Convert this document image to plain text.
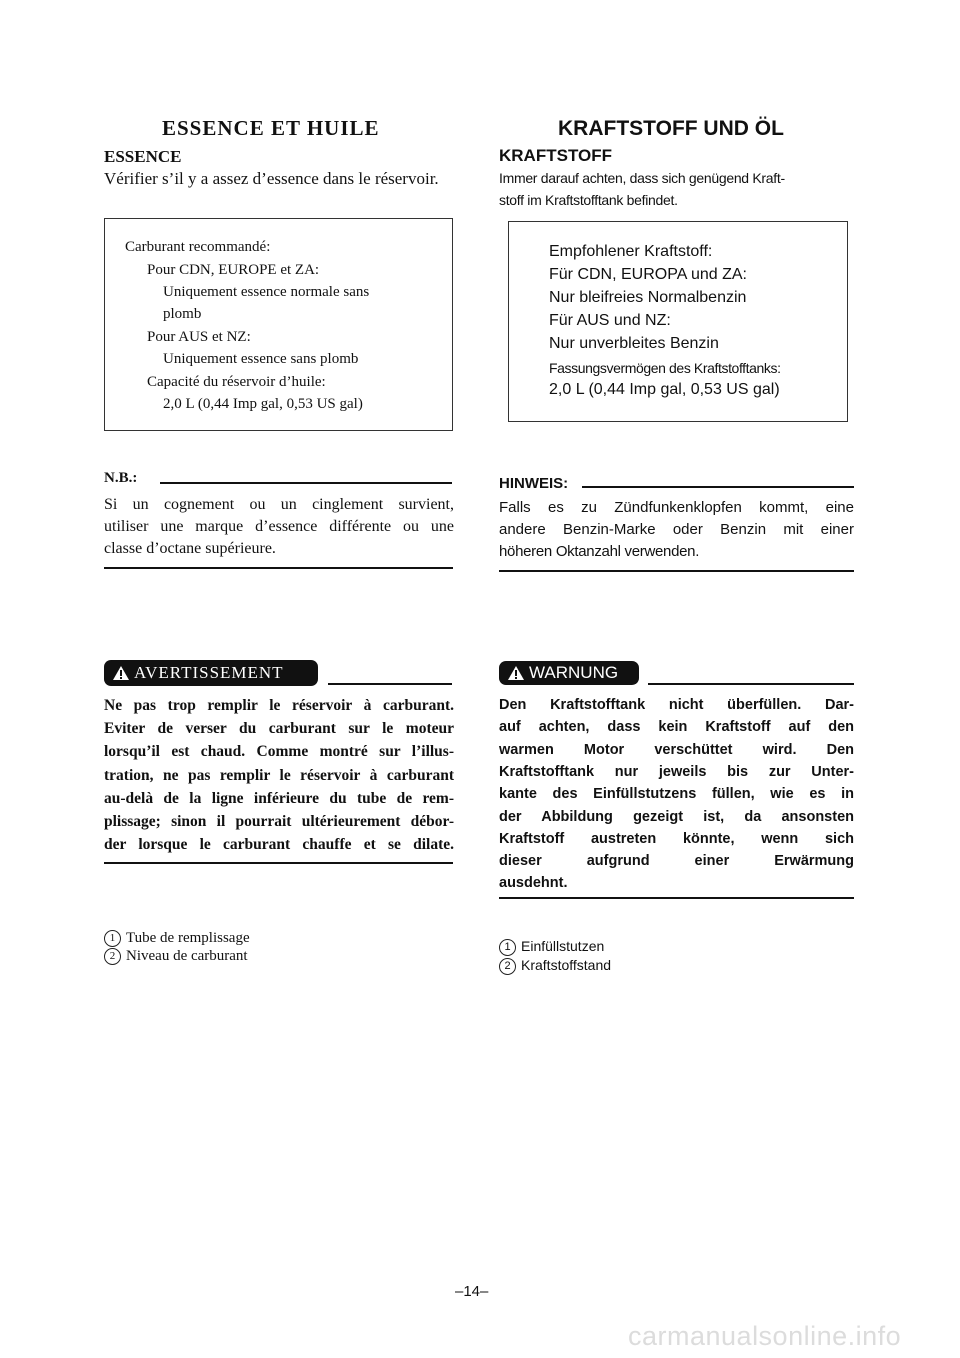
ESSENCE ET HUILE
ESSENCE
Vérifier s’il y a assez d’essence dans le réservoir.
Carburant recommandé:
Pour CDN, EUROPE et ZA:
Uniquement essence normale sans
plomb
Pour AUS et NZ:
Uniquement essence sans plomb
Capacité du réservoir d’huile:
2,0 L (0,44 Imp gal, 0,53 US gal)
N.B.:
Si un cognement ou un cinglement survient,
utiliser une marque d’essence différente ou une
classe d’octane supérieure.
AVERTISSEMENT
Ne pas trop remplir le réservoir à carburant.
Eviter de verser du carburant sur le moteur
lorsqu’il est chaud. Comme montré sur l’illus-
tration, ne pas remplir le réservoir à carburant
au-delà de la ligne inférieure du tube de rem-
plissage; sinon il pourrait ultérieurement débor-
der lorsque le carburant chauffe et se dilate.
1 Tube de remplissage
2 Niveau de carburant
KRAFTSTOFF UND ÖL
KRAFTSTOFF
Immer darauf achten, dass sich genügend Kraft-
stoff im Kraftstofftank befindet.
Empfohlener Kraftstoff:
Für CDN, EUROPA und ZA:
Nur bleifreies Normalbenzin
Für AUS und NZ:
Nur unverbleites Benzin
Fassungsvermögen des Kraftstofftanks:
2,0 L (0,44 Imp gal, 0,53 US gal)
HINWEIS:
Falls es zu Zündfunkenklopfen kommt, eine
andere Benzin-Marke oder Benzin mit einer
höheren Oktanzahl verwenden.
WARNUNG
Den Kraftstofftank nicht überfüllen. Dar-
auf achten, dass kein Kraftstoff auf den
warmen Motor verschüttet wird. Den
Kraftstofftank nur jeweils bis zur Unter-
kante des Einfüllstutzens füllen, wie es in
der Abbildung gezeigt ist, da ansonsten
Kraftstoff austreten könnte, wenn sich
dieser aufgrund einer Erwärmung
ausdehnt.
1 Einfüllstutzen
2 Kraftstoffstand
–14–
carmanualsonline.info
